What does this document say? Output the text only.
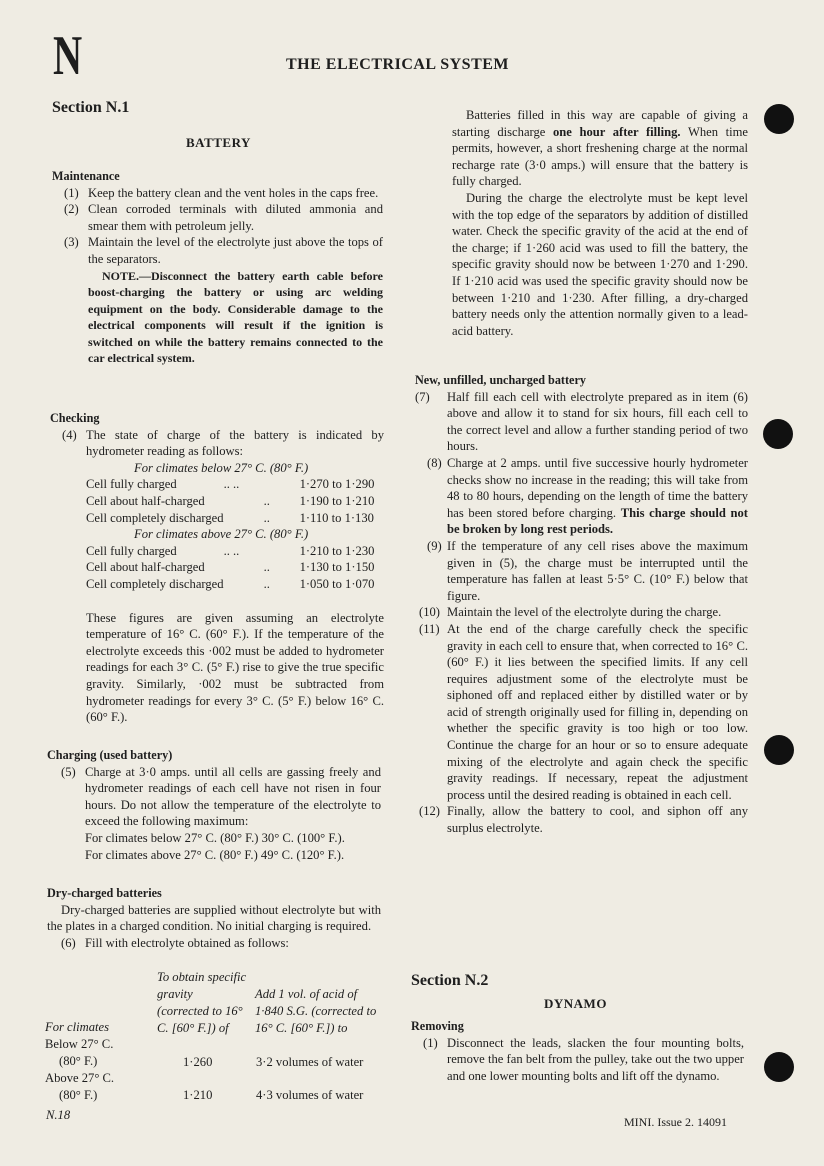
N	THE ELECTRICAL SYSTEM
Section N.1
BATTERY

Maintenance

(1) Keep the battery clean and the vent holes in the caps free.
(2) Clean corroded terminals with diluted ammonia and smear them with petroleum jelly.
(3) Maintain the level of the electrolyte just above the tops of the separators.

NOTE.—Disconnect the battery earth cable before boost-charging the battery or using arc welding equipment on the body. Considerable damage to the electrical components will result if the ignition is switched on while the battery remains connected to the car electrical system.

Checking

(4) The state of charge of the battery is indicated by hydrometer reading as follows:

For climates below 27° C. (80° F.)

Cell fully charged	.. ..	1·270 to 1·290
Cell about half-charged	..	1·190 to 1·210
Cell completely discharged	..	1·110 to 1·130

For climates above 27° C. (80° F.)

Cell fully charged	.. ..	1·210 to 1·230
Cell about half-charged	..	1·130 to 1·150
Cell completely discharged	..	1·050 to 1·070

These figures are given assuming an electrolyte temperature of 16° C. (60° F.). If the temperature of the electrolyte exceeds this ·002 must be added to hydrometer readings for each 3° C. (5° F.) rise to give the true specific gravity. Similarly, ·002 must be subtracted from hydrometer readings for every 3° C. (5° F.) below 16° C. (60° F.).

Charging (used battery)

(5) Charge at 3·0 amps. until all cells are gassing freely and hydrometer readings of each cell have not risen in four hours. Do not allow the temperature of the electrolyte to exceed the following maximum:

For climates below 27° C. (80° F.) 30° C. (100° F.).

For climates above 27° C. (80° F.) 49° C. (120° F.).

Dry-charged batteries

Dry-charged batteries are supplied without electrolyte but with the plates in a charged condition. No initial charging is required.

(6) Fill with electrolyte obtained as follows:
To obtain specific gravity (corrected to 16° C. [60° F.]) of
Add 1 vol. of acid of 1·840 S.G. (corrected to 16° C. [60° F.]) to
For climates
Below 27° C.
(80° F.)	1·260	3·2 volumes of water
Above 27° C.
(80° F.)	1·210	4·3 volumes of water
N.18

Batteries filled in this way are capable of giving a starting discharge one hour after filling. When time permits, however, a short freshening charge at the normal recharge rate (3·0 amps.) will ensure that the battery is fully charged.

During the charge the electrolyte must be kept level with the top edge of the separators by addition of distilled water. Check the specific gravity of the acid at the end of the charge; if 1·260 acid was used to fill the battery, the specific gravity should now be between 1·270 and 1·290. If 1·210 acid was used the specific gravity should now be between 1·210 and 1·230. After filling, a dry-charged battery needs only the attention normally given to a lead-acid battery.

New, unfilled, uncharged battery

(7)	Half fill each cell with electrolyte prepared as in item (6) above and allow it to stand for six hours, fill each cell to the correct level and allow a further standing period of two hours.
(8) Charge at 2 amps. until five successive hourly hydrometer checks show no increase in the reading; this will take from 48 to 80 hours, depending on the length of time the battery has been stored before charging. This charge should not be broken by long rest periods.
(9) If the temperature of any cell rises above the maximum given in (5), the charge must be interrupted until the temperature has fallen at least 5·5° C. (10° F.) below that figure.
(10) Maintain the level of the electrolyte during the charge.
(11) At the end of the charge carefully check the specific gravity in each cell to ensure that, when corrected to 16° C. (60° F.) it lies between the specified limits. If any cell requires adjustment some of the electrolyte must be siphoned off and replaced either by distilled water or by acid of strength originally used for filling in, depending on whether the specific gravity is too high or too low. Continue the charge for an hour or so to ensure adequate mixing of the electrolyte and again check the specific gravity readings. If necessary, repeat the adjustment process until the desired reading is obtained in each cell.
(12) Finally, allow the battery to cool, and siphon off any surplus electrolyte.
Section N.2
DYNAMO

Removing

(1) Disconnect the leads, slacken the four mounting bolts, remove the fan belt from the pulley, take out the two upper and one lower mounting bolts and lift off the dynamo.
MINI. Issue 2. 14091
